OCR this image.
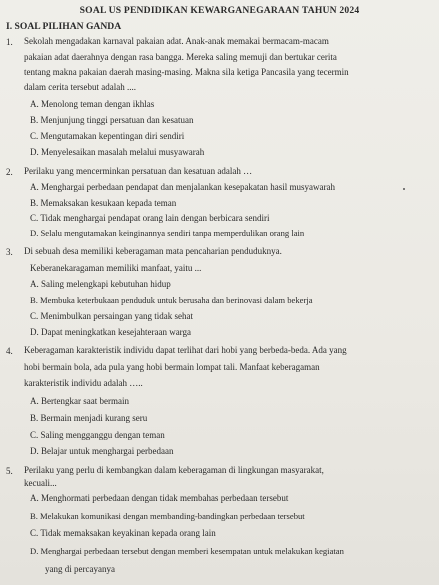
SOAL US PENDIDIKAN KEWARGANEGARAAN TAHUN 2024
I. SOAL PILIHAN GANDA
1. Sekolah mengadakan karnaval pakaian adat. Anak-anak memakai bermacam-macam
pakaian adat daerahnya dengan rasa bangga. Mereka saling memuji dan bertukar cerita
tentang makna pakaian daerah masing-masing. Makna sila ketiga Pancasila yang tecermin
dalam cerita tersebut adalah ....
A. Menolong teman dengan ikhlas
B. Menjunjung tinggi persatuan dan kesatuan
C. Mengutamakan kepentingan diri sendiri
D. Menyelesaikan masalah melalui musyawarah
2. Perilaku yang mencerminkan persatuan dan kesatuan adalah …
A. Menghargai perbedaan pendapat dan menjalankan kesepakatan hasil musyawarah
B. Memaksakan kesukaan kepada teman
C. Tidak menghargai pendapat orang lain dengan berbicara sendiri
D. Selalu mengutamakan keinginannya sendiri tanpa memperdulikan orang lain
3. Di sebuah desa memiliki keberagaman mata pencaharian penduduknya.
Keberanekaragaman memiliki manfaat, yaitu ...
A. Saling melengkapi kebutuhan hidup
B. Membuka keterbukaan penduduk untuk berusaha dan berinovasi dalam bekerja
C. Menimbulkan persaingan yang tidak sehat
D. Dapat meningkatkan kesejahteraan warga
4. Keberagaman karakteristik individu dapat terlihat dari hobi yang berbeda-beda. Ada yang
hobi bermain bola, ada pula yang hobi bermain lompat tali. Manfaat keberagaman
karakteristik individu adalah …..
A. Bertengkar saat bermain
B. Bermain menjadi kurang seru
C. Saling mengganggu dengan teman
D. Belajar untuk menghargai perbedaan
5. Perilaku yang perlu di kembangkan dalam keberagaman di lingkungan masyarakat,
kecuali...
A. Menghormati perbedaan dengan tidak membahas perbedaan tersebut
B. Melakukan komunikasi dengan membanding-bandingkan perbedaan tersebut
C. Tidak memaksakan keyakinan kepada orang lain
D. Menghargai perbedaan tersebut dengan memberi kesempatan untuk melakukan kegiatan
yang di percayanya
